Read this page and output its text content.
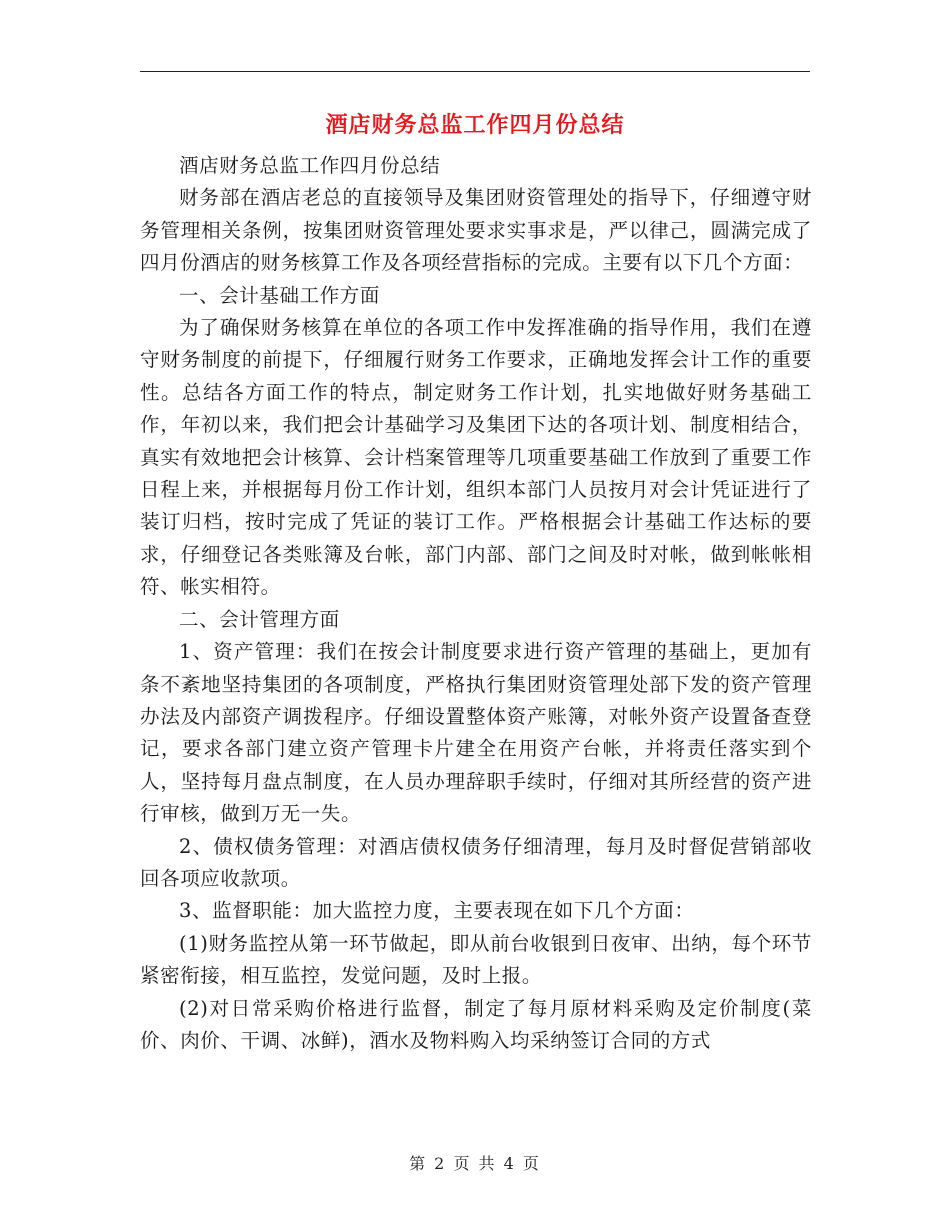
酒店财务总监工作四月份总结

酒店财务总监工作四月份总结

财务部在酒店老总的直接领导及集团财资管理处的指导下，仔细遵守财务管理相关条例，按集团财资管理处要求实事求是，严以律己，圆满完成了四月份酒店的财务核算工作及各项经营指标的完成。主要有以下几个方面：

一、会计基础工作方面

为了确保财务核算在单位的各项工作中发挥准确的指导作用，我们在遵守财务制度的前提下，仔细履行财务工作要求，正确地发挥会计工作的重要性。总结各方面工作的特点，制定财务工作计划，扎实地做好财务基础工作，年初以来，我们把会计基础学习及集团下达的各项计划、制度相结合，真实有效地把会计核算、会计档案管理等几项重要基础工作放到了重要工作日程上来，并根据每月份工作计划，组织本部门人员按月对会计凭证进行了装订归档，按时完成了凭证的装订工作。严格根据会计基础工作达标的要求，仔细登记各类账簿及台帐，部门内部、部门之间及时对帐，做到帐帐相符、帐实相符。

二、会计管理方面

1、资产管理：我们在按会计制度要求进行资产管理的基础上，更加有条不紊地坚持集团的各项制度，严格执行集团财资管理处部下发的资产管理办法及内部资产调拨程序。仔细设置整体资产账簿，对帐外资产设置备查登记，要求各部门建立资产管理卡片建全在用资产台帐，并将责任落实到个人，坚持每月盘点制度，在人员办理辞职手续时，仔细对其所经营的资产进行审核，做到万无一失。

2、债权债务管理：对酒店债权债务仔细清理，每月及时督促营销部收回各项应收款项。

3、监督职能：加大监控力度，主要表现在如下几个方面：

(1)财务监控从第一环节做起，即从前台收银到日夜审、出纳，每个环节紧密衔接，相互监控，发觉问题，及时上报。

(2)对日常采购价格进行监督，制定了每月原材料采购及定价制度(菜价、肉价、干调、冰鲜)，酒水及物料购入均采纳签订合同的方式

第 2 页 共 4 页
